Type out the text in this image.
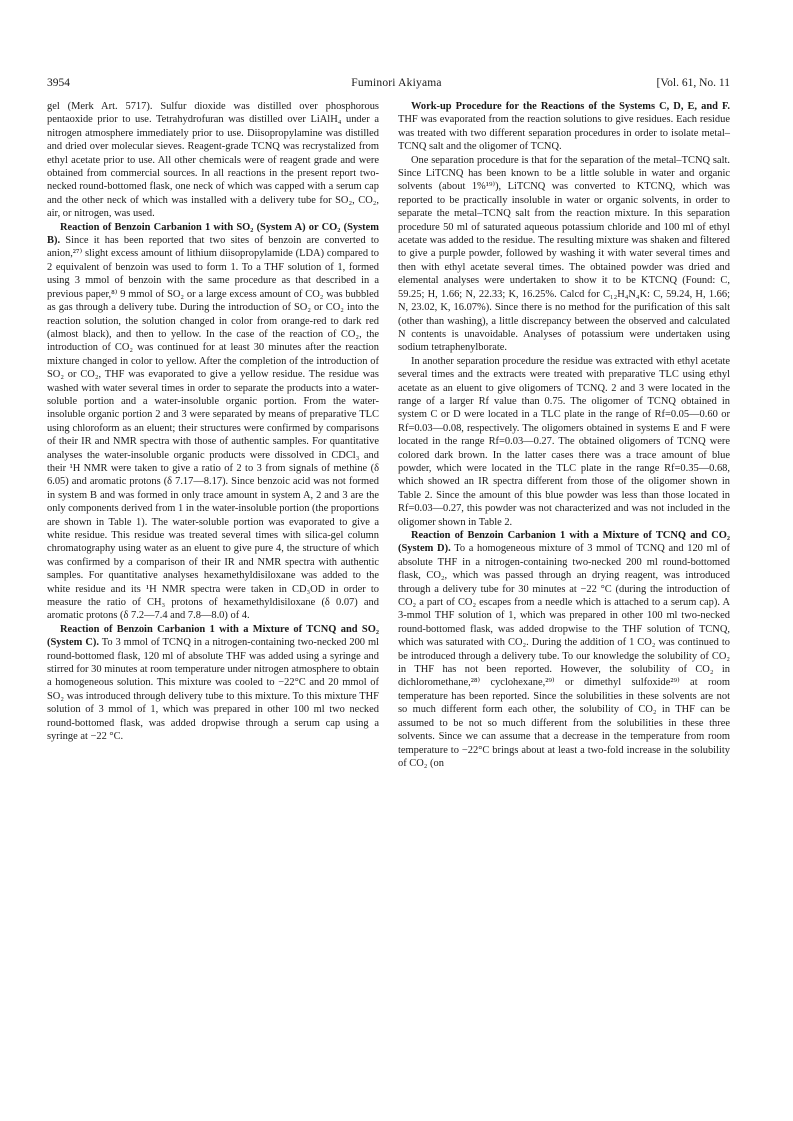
3954	Fuminori Akiyama	[Vol. 61, No. 11

gel (Merk Art. 5717). Sulfur dioxide was distilled over phosphorous pentaoxide prior to use. Tetrahydrofuran was distilled over LiAlH₄ under a nitrogen atmosphere immediately prior to use. Diisopropylamine was distilled and dried over molecular sieves. Reagent-grade TCNQ was recrystalized from ethyl acetate prior to use. All other chemicals were of reagent grade and were obtained from commercial sources. In all reactions in the present report two-necked round-bottomed flask, one neck of which was capped with a serum cap and the other neck of which was installed with a delivery tube for SO₂, CO₂, air, or nitrogen, was used.

Reaction of Benzoin Carbanion 1 with SO₂ (System A) or CO₂ (System B). Since it has been reported that two sites of benzoin are converted to anion,²⁷⁾ slight excess amount of lithium diisopropylamide (LDA) compared to 2 equivalent of benzoin was used to form 1. To a THF solution of 1, formed using 3 mmol of benzoin with the same procedure as that described in a previous paper,⁸⁾ 9 mmol of SO₂ or a large excess amount of CO₂ was bubbled as gas through a delivery tube. During the introduction of SO₂ or CO₂ into the reaction solution, the solution changed in color from orange-red to dark red (almost black), and then to yellow. In the case of the reaction of CO₂, the introduction of CO₂ was continued for at least 30 minutes after the reaction mixture changed in color to yellow. After the completion of the introduction of SO₂ or CO₂, THF was evaporated to give a yellow residue. The residue was washed with water several times in order to separate the products into a water-soluble portion and a water-insoluble organic portion. From the water-insoluble organic portion 2 and 3 were separated by means of preparative TLC using chloroform as an eluent; their structures were confirmed by comparisons of their IR and NMR spectra with those of authentic samples. For quantitative analyses the water-insoluble organic products were dissolved in CDCl₃ and their ¹H NMR were taken to give a ratio of 2 to 3 from signals of methine (δ 6.05) and aromatic protons (δ 7.17—8.17). Since benzoic acid was not formed in system B and was formed in only trace amount in system A, 2 and 3 are the only components derived from 1 in the water-insoluble portion (the proportions are shown in Table 1). The water-soluble portion was evaporated to give a white residue. This residue was treated several times with silica-gel column chromatography using water as an eluent to give pure 4, the structure of which was confirmed by a comparison of their IR and NMR spectra with authentic samples. For quantitative analyses hexamethyldisiloxane was added to the white residue and its ¹H NMR spectra were taken in CD₃OD in order to measure the ratio of CH₃ protons of hexamethyldisiloxane (δ 0.07) and aromatic protons (δ 7.2—7.4 and 7.8—8.0) of 4.

Reaction of Benzoin Carbanion 1 with a Mixture of TCNQ and SO₂ (System C). To 3 mmol of TCNQ in a nitrogen-containing two-necked 200 ml round-bottomed flask, 120 ml of absolute THF was added using a syringe and stirred for 30 minutes at room temperature under nitrogen atmosphere to obtain a homogeneous solution. This mixture was cooled to −22°C and 20 mmol of SO₂ was introduced through delivery tube to this mixture. To this mixture THF solution of 3 mmol of 1, which was prepared in other 100 ml two necked round-bottomed flask, was added dropwise through a serum cap using a syringe at −22 °C.

Work-up Procedure for the Reactions of the Systems C, D, E, and F. THF was evaporated from the reaction solutions to give residues. Each residue was treated with two different separation procedures in order to isolate metal–TCNQ salt and the oligomer of TCNQ.

One separation procedure is that for the separation of the metal–TCNQ salt. Since LiTCNQ has been known to be a little soluble in water and organic solvents (about 1%¹⁹⁾), LiTCNQ was converted to KTCNQ, which was reported to be practically insoluble in water or organic solvents, in order to separate the metal–TCNQ salt from the reaction mixture. In this separation procedure 50 ml of saturated aqueous potassium chloride and 100 ml of ethyl acetate was added to the residue. The resulting mixture was shaken and filtered to give a purple powder, followed by washing it with water several times and then with ethyl acetate several times. The obtained powder was dried and elemental analyses were undertaken to show it to be KTCNQ (Found: C, 59.25; H, 1.66; N, 22.33; K, 16.25%. Calcd for C₁₂H₄N₄K: C, 59.24, H, 1.66; N, 23.02, K, 16.07%). Since there is no method for the purification of this salt (other than washing), a little discrepancy between the observed and calculated N contents is unavoidable. Analyses of potassium were undertaken using sodium tetraphenylborate.

In another separation procedure the residue was extracted with ethyl acetate several times and the extracts were treated with preparative TLC using ethyl acetate as an eluent to give oligomers of TCNQ. 2 and 3 were located in the range of a larger Rf value than 0.75. The oligomer of TCNQ obtained in system C or D were located in a TLC plate in the range of Rf=0.05—0.60 or Rf=0.03—0.08, respectively. The oligomers obtained in systems E and F were located in the range Rf=0.03—0.27. The obtained oligomers of TCNQ were colored dark brown. In the latter cases there was a trace amount of blue powder, which were located in the TLC plate in the range Rf=0.35—0.68, which showed an IR spectra different from those of the oligomer shown in Table 2. Since the amount of this blue powder was less than those located in Rf=0.03—0.27, this powder was not characterized and was not included in the oligomer shown in Table 2.

Reaction of Benzoin Carbanion 1 with a Mixture of TCNQ and CO₂ (System D). To a homogeneous mixture of 3 mmol of TCNQ and 120 ml of absolute THF in a nitrogen-containing two-necked 200 ml round-bottomed flask, CO₂, which was passed through an drying reagent, was introduced through a delivery tube for 30 minutes at −22 °C (during the introduction of CO₂ a part of CO₂ escapes from a needle which is attached to a serum cap). A 3-mmol THF solution of 1, which was prepared in other 100 ml two-necked round-bottomed flask, was added dropwise to the THF solution of TCNQ, which was saturated with CO₂. During the addition of 1 CO₂ was continued to be introduced through a delivery tube. To our knowledge the solubility of CO₂ in THF has not been reported. However, the solubility of CO₂ in dichloromethane,²⁸⁾ cyclohexane,²⁹⁾ or dimethyl sulfoxide²⁹⁾ at room temperature has been reported. Since the solubilities in these solvents are not so much different form each other, the solubility of CO₂ in THF can be assumed to be not so much different from the solubilities in these three solvents. Since we can assume that a decrease in the temperature from room temperature to −22°C brings about at least a two-fold increase in the solubility of CO₂ (on
